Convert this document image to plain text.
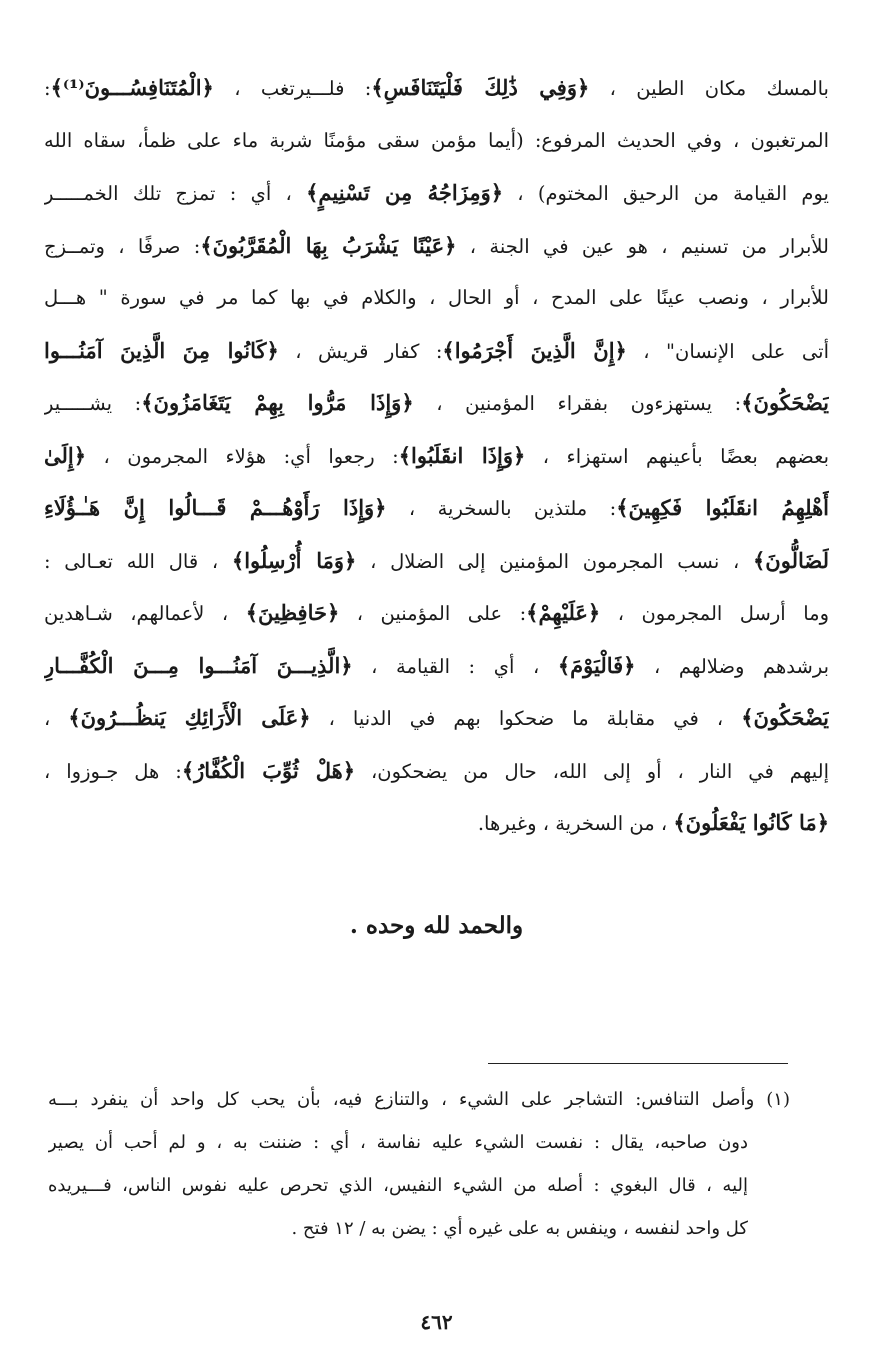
بالمسك مكان الطين ، ﴿وَفِي ذَٰلِكَ فَلْيَتَنَافَسِ﴾: فلـــيرتغب ، ﴿الْمُتَنَافِسُـــونَ⁽¹⁾﴾:
المرتغبون ، وفي الحديث المرفوع: (أيما مؤمن سقى مؤمنًا شربة ماء على ظمأ، سقاه الله
يوم القيامة من الرحيق المختوم) ، ﴿وَمِزَاجُهُ مِن تَسْنِيمٍ﴾ ، أي : تمزج تلك الخمـــــر
للأبرار من تسنيم ، هو عين في الجنة ، ﴿عَيْنًا يَشْرَبُ بِهَا الْمُقَرَّبُونَ﴾: صرفًا ، وتمــزج
للأبرار ، ونصب عينًا على المدح ، أو الحال ، والكلام في بها كما مر في سورة " هـــل
أتى على الإنسان" ، ﴿إِنَّ الَّذِينَ أَجْرَمُوا﴾: كفار قريش ، ﴿كَانُوا مِنَ الَّذِينَ آمَنُـــوا
يَضْحَكُونَ﴾: يستهزءون بفقراء المؤمنين ، ﴿وَإِذَا مَرُّوا بِهِمْ يَتَغَامَزُونَ﴾: يشـــــير
بعضهم بعضًا بأعينهم استهزاء ، ﴿وَإِذَا انقَلَبُوا﴾: رجعوا أي: هؤلاء المجرمون ، ﴿إِلَىٰ
أَهْلِهِمُ انقَلَبُوا فَكِهِينَ﴾: ملتذين بالسخرية ، ﴿وَإِذَا رَأَوْهُـــمْ قَـــالُوا إِنَّ هَـٰـؤُلَاءِ
لَضَالُّونَ﴾ ، نسب المجرمون المؤمنين إلى الضلال ، ﴿وَمَا أُرْسِلُوا﴾ ، قال الله تعـالى :
وما أرسل المجرمون ، ﴿عَلَيْهِمْ﴾: على المؤمنين ، ﴿حَافِظِينَ﴾ ، لأعمالهم، شـاهدين
برشدهم وضلالهم ، ﴿فَالْيَوْمَ﴾ ، أي : القيامة ، ﴿الَّذِيـــنَ آمَنُـــوا مِـــنَ الْكُفَّـــارِ
يَضْحَكُونَ﴾ ، في مقابلة ما ضحكوا بهم في الدنيا ، ﴿عَلَى الْأَرَائِكِ يَنظُـــرُونَ﴾ ،
إليهم في النار ، أو إلى الله، حال من يضحكون، ﴿هَلْ ثُوِّبَ الْكُفَّارُ﴾: هل جـوزوا ،
﴿مَا كَانُوا يَفْعَلُونَ﴾ ، من السخرية ، وغيرها.
والحمد لله وحده .
(١) وأصل التنافس: التشاجر على الشيء ، والتنازع فيه، بأن يحب كل واحد أن ينفرد بـــه
دون صاحبه، يقال : نفست الشيء عليه نفاسة ، أي : ضننت به ، و لم أحب أن يصير
إليه ، قال البغوي : أصله من الشيء النفيس، الذي تحرص عليه نفوس الناس، فـــيريده
كل واحد لنفسه ، وينفس به على غيره أي : يضن به / ١٢ فتح .
٤٦٢
